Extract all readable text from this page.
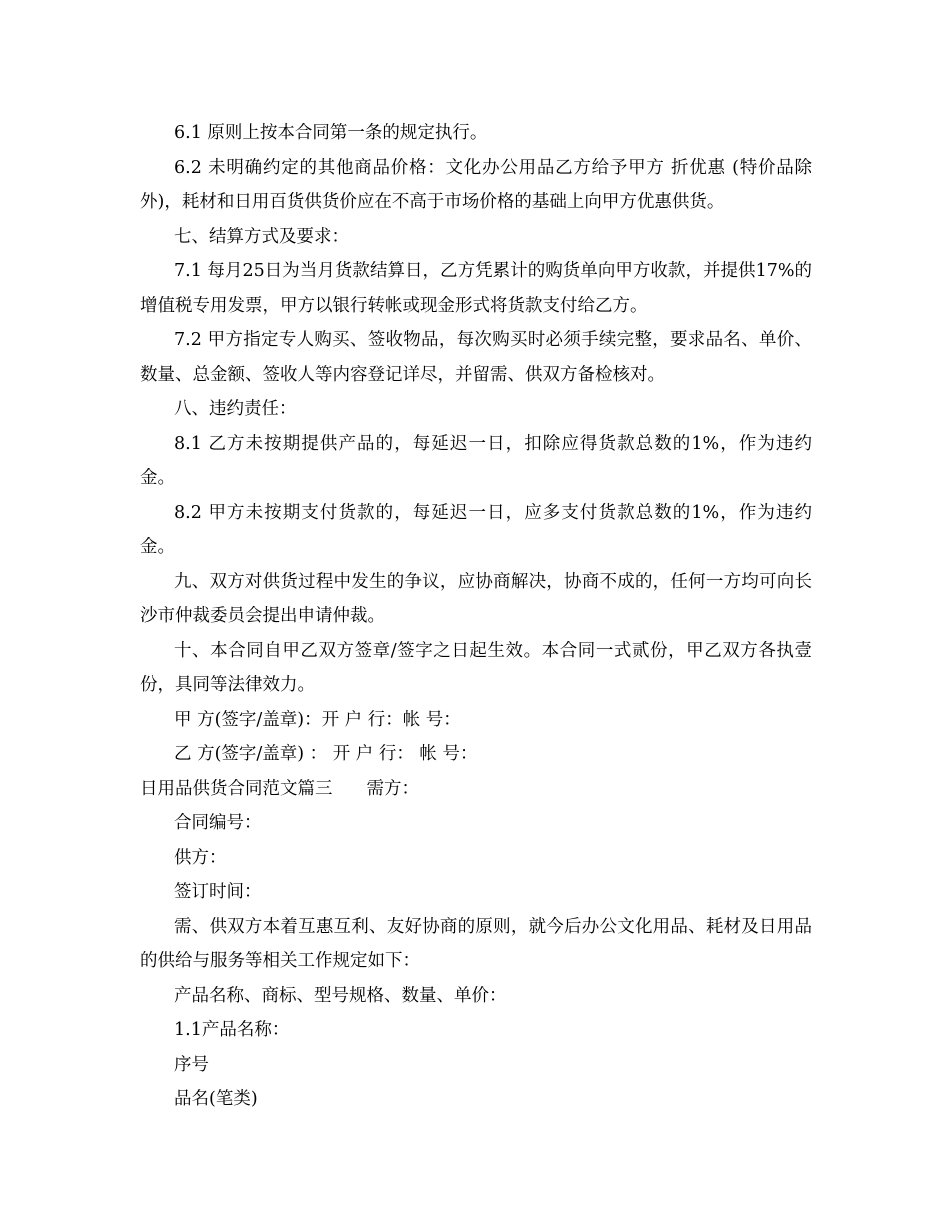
6.1 原则上按本合同第一条的规定执行。

6.2 未明确约定的其他商品价格：文化办公用品乙方给予甲方 折优惠 (特价品除外)，耗材和日用百货供货价应在不高于市场价格的基础上向甲方优惠供货。

七、结算方式及要求：

7.1 每月25日为当月货款结算日，乙方凭累计的购货单向甲方收款，并提供17%的增值税专用发票，甲方以银行转帐或现金形式将货款支付给乙方。

7.2 甲方指定专人购买、签收物品，每次购买时必须手续完整，要求品名、单价、数量、总金额、签收人等内容登记详尽，并留需、供双方备检核对。

八、违约责任：

8.1 乙方未按期提供产品的，每延迟一日，扣除应得货款总数的1%，作为违约金。

8.2 甲方未按期支付货款的，每延迟一日，应多支付货款总数的1%，作为违约金。

九、双方对供货过程中发生的争议，应协商解决，协商不成的，任何一方均可向长沙市仲裁委员会提出申请仲裁。

十、本合同自甲乙双方签章/签字之日起生效。本合同一式贰份，甲乙双方各执壹份，具同等法律效力。

甲 方(签字/盖章)：开 户 行：帐 号：

乙 方(签字/盖章) ： 开 户 行： 帐 号：

日用品供货合同范文篇三 需方：

合同编号：

供方：

签订时间：

需、供双方本着互惠互利、友好协商的原则，就今后办公文化用品、耗材及日用品的供给与服务等相关工作规定如下：

产品名称、商标、型号规格、数量、单价：

1.1产品名称：

序号

品名(笔类)
